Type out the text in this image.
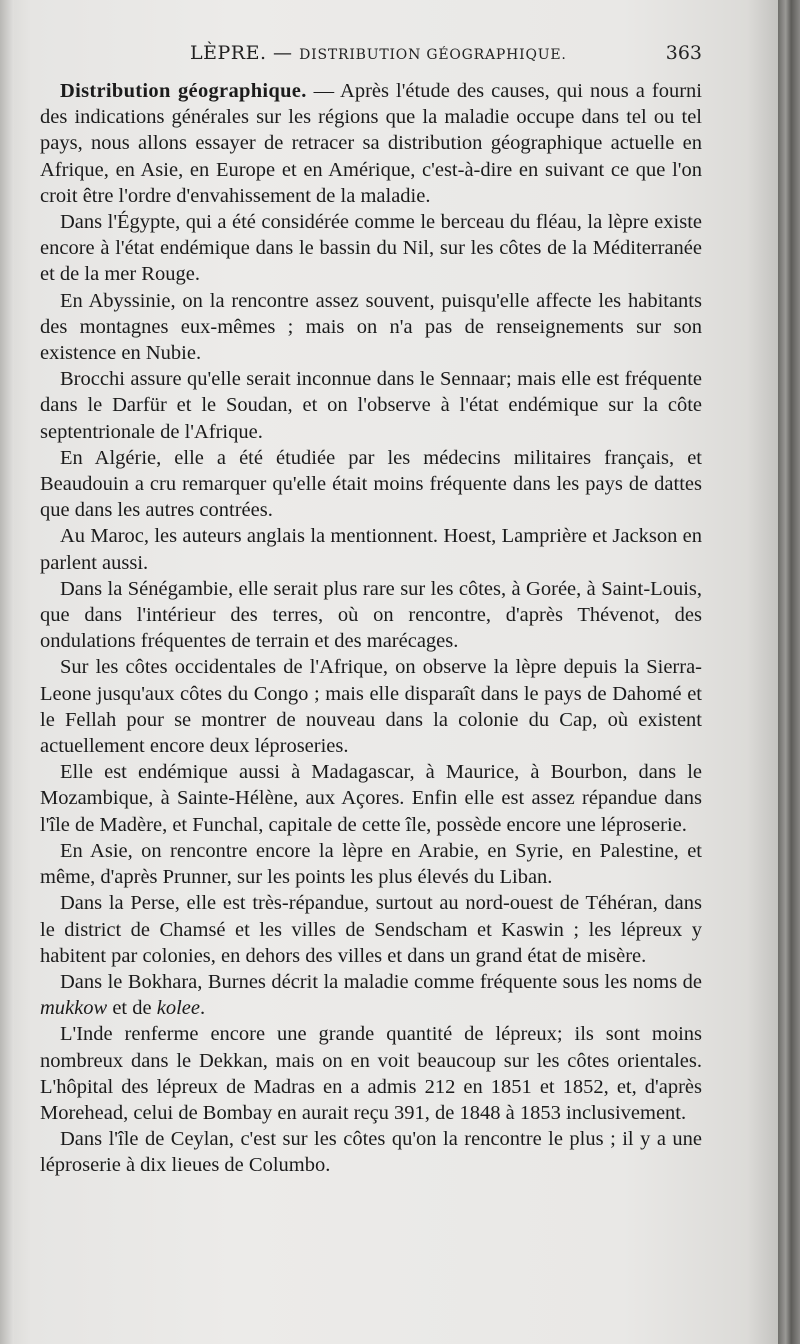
LÈPRE. — DISTRIBUTION GÉOGRAPHIQUE.	363

Distribution géographique. — Après l'étude des causes, qui nous a fourni des indications générales sur les régions que la maladie occupe dans tel ou tel pays, nous allons essayer de retracer sa distribution géographique actuelle en Afrique, en Asie, en Europe et en Amérique, c'est-à-dire en suivant ce que l'on croit être l'ordre d'envahissement de la maladie.

Dans l'Égypte, qui a été considérée comme le berceau du fléau, la lèpre existe encore à l'état endémique dans le bassin du Nil, sur les côtes de la Méditerranée et de la mer Rouge.

En Abyssinie, on la rencontre assez souvent, puisqu'elle affecte les habitants des montagnes eux-mêmes ; mais on n'a pas de renseignements sur son existence en Nubie.

Brocchi assure qu'elle serait inconnue dans le Sennaar; mais elle est fréquente dans le Darfür et le Soudan, et on l'observe à l'état endémique sur la côte septentrionale de l'Afrique.

En Algérie, elle a été étudiée par les médecins militaires français, et Beaudouin a cru remarquer qu'elle était moins fréquente dans les pays de dattes que dans les autres contrées.

Au Maroc, les auteurs anglais la mentionnent. Hoest, Lamprière et Jackson en parlent aussi.

Dans la Sénégambie, elle serait plus rare sur les côtes, à Gorée, à Saint-Louis, que dans l'intérieur des terres, où on rencontre, d'après Thévenot, des ondulations fréquentes de terrain et des marécages.

Sur les côtes occidentales de l'Afrique, on observe la lèpre depuis la Sierra-Leone jusqu'aux côtes du Congo ; mais elle disparaît dans le pays de Dahomé et le Fellah pour se montrer de nouveau dans la colonie du Cap, où existent actuellement encore deux léproseries.

Elle est endémique aussi à Madagascar, à Maurice, à Bourbon, dans le Mozambique, à Sainte-Hélène, aux Açores. Enfin elle est assez répandue dans l'île de Madère, et Funchal, capitale de cette île, possède encore une léproserie.

En Asie, on rencontre encore la lèpre en Arabie, en Syrie, en Palestine, et même, d'après Prunner, sur les points les plus élevés du Liban.

Dans la Perse, elle est très-répandue, surtout au nord-ouest de Téhéran, dans le district de Chamsé et les villes de Sendscham et Kaswin ; les lépreux y habitent par colonies, en dehors des villes et dans un grand état de misère.

Dans le Bokhara, Burnes décrit la maladie comme fréquente sous les noms de mukkow et de kolee.

L'Inde renferme encore une grande quantité de lépreux; ils sont moins nombreux dans le Dekkan, mais on en voit beaucoup sur les côtes orientales. L'hôpital des lépreux de Madras en a admis 212 en 1851 et 1852, et, d'après Morehead, celui de Bombay en aurait reçu 391, de 1848 à 1853 inclusivement.

Dans l'île de Ceylan, c'est sur les côtes qu'on la rencontre le plus ; il y a une léproserie à dix lieues de Columbo.
